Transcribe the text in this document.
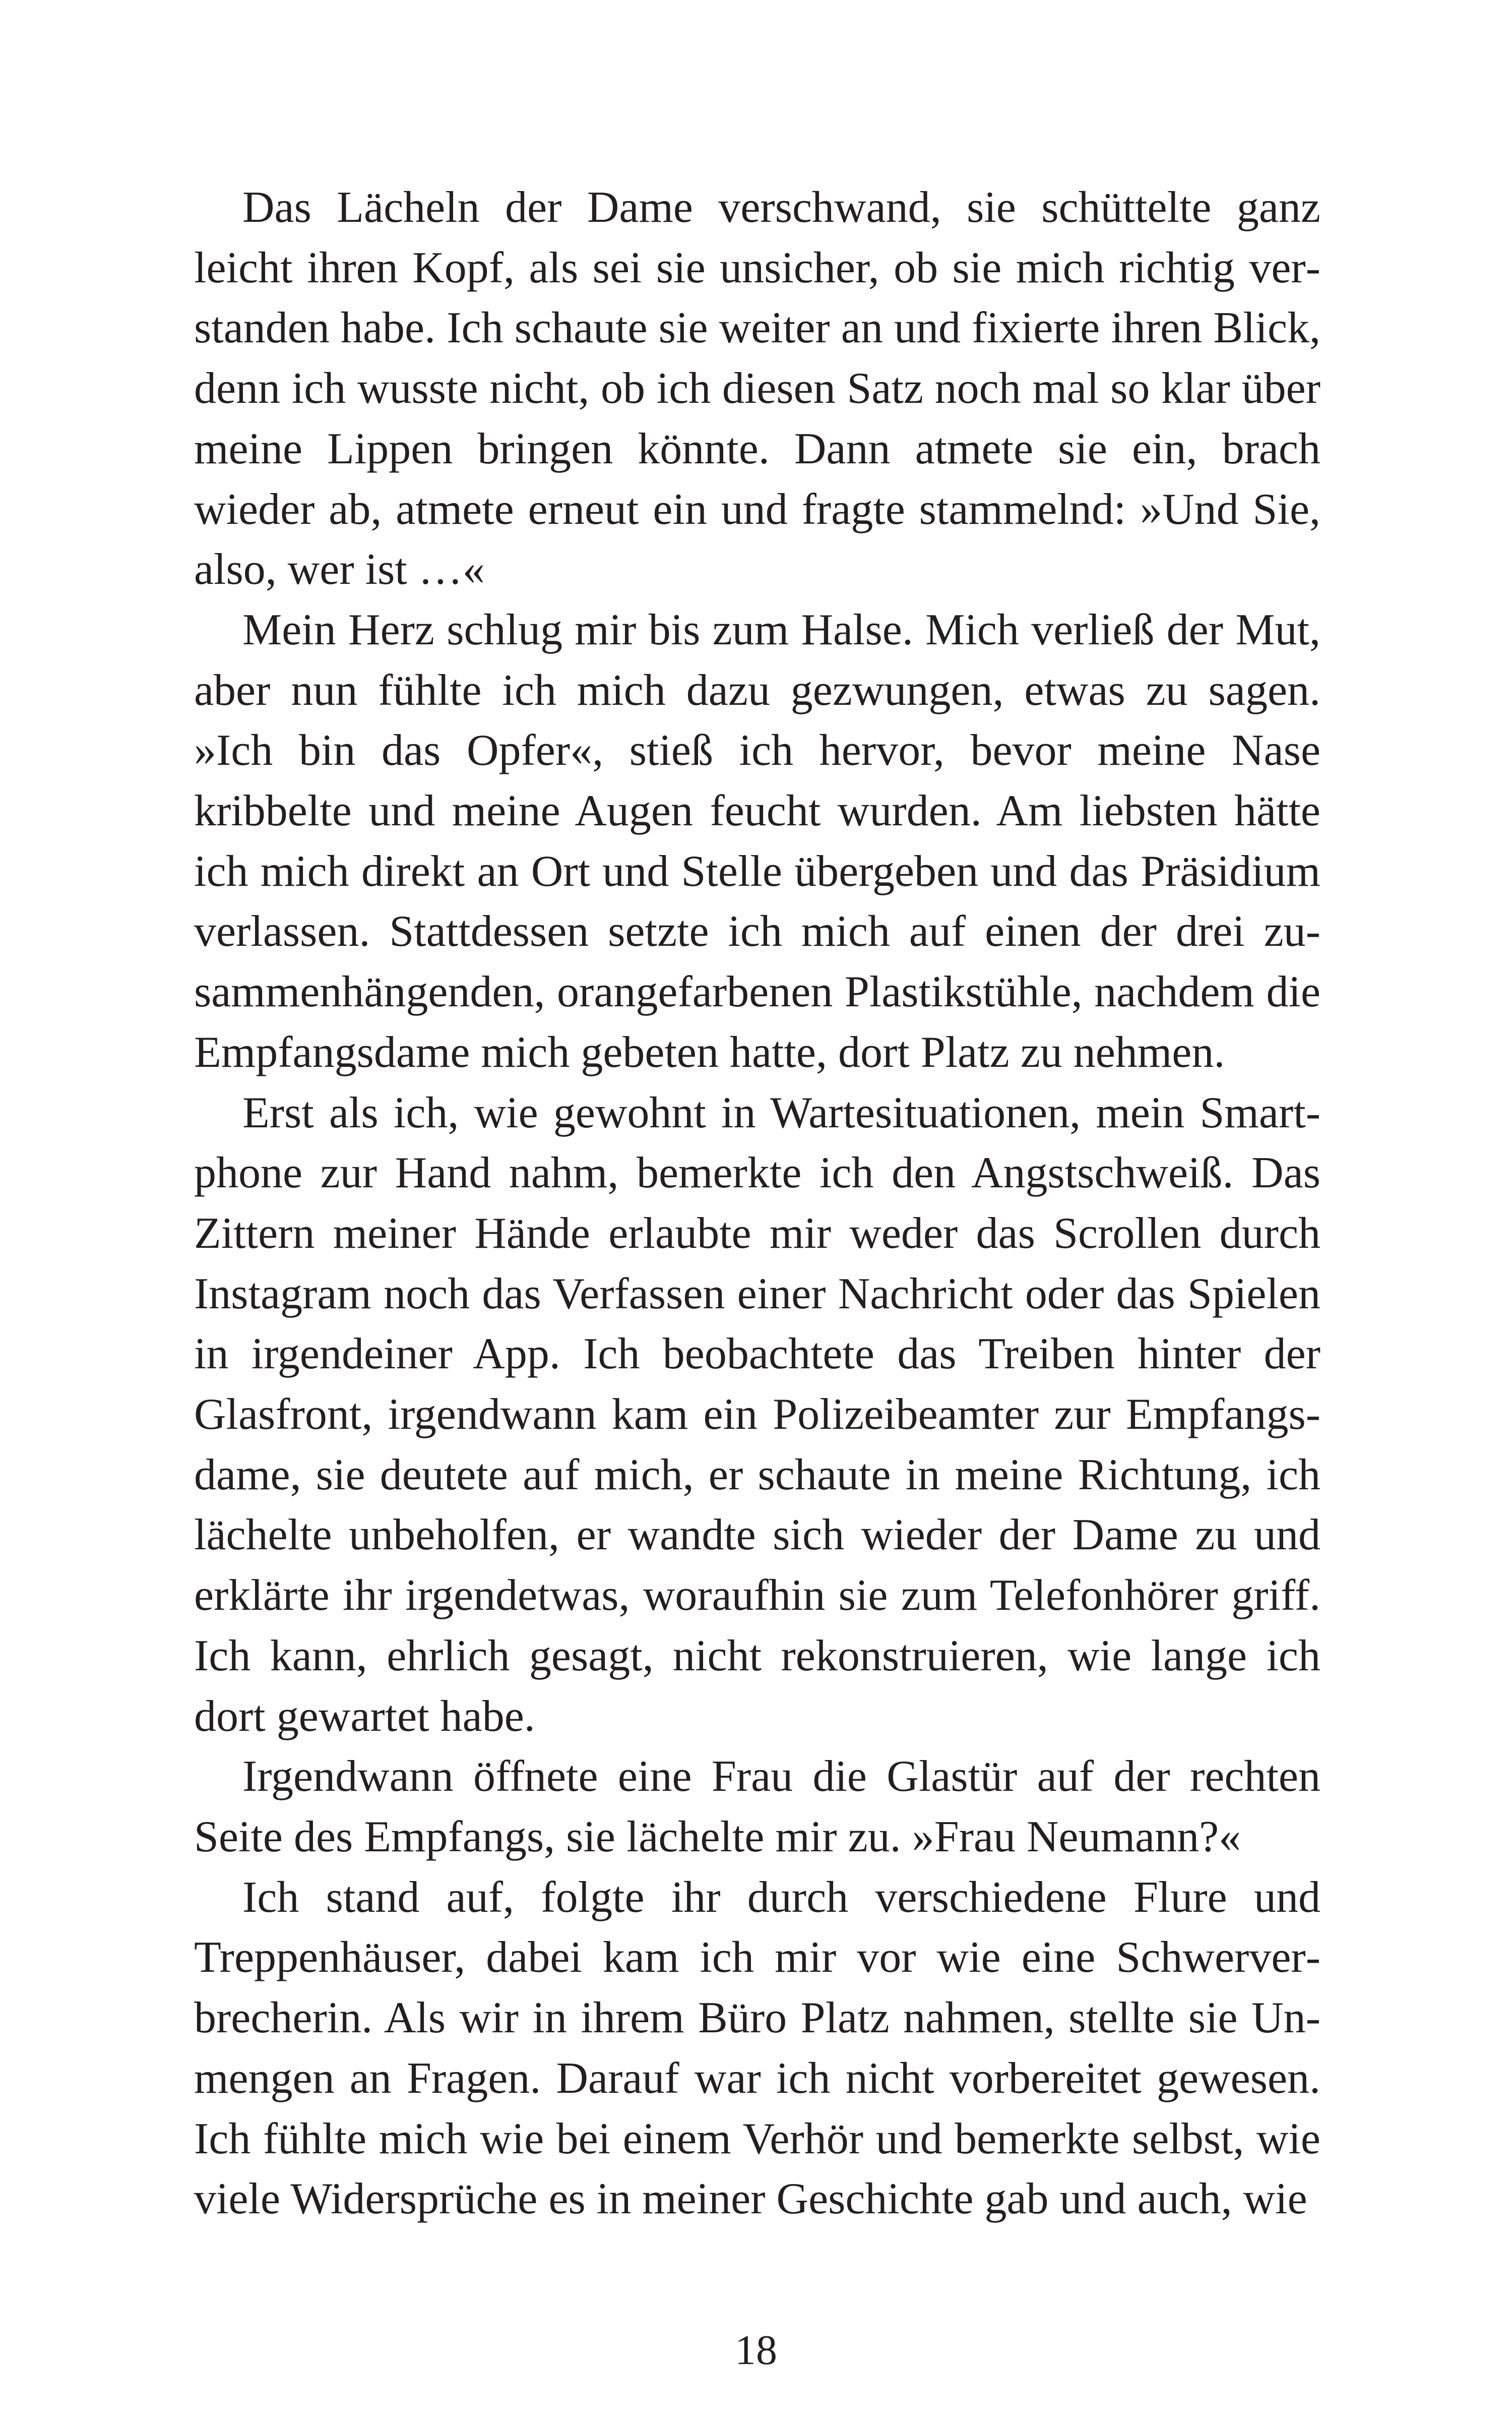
Das Lächeln der Dame verschwand, sie schüttelte ganz leicht ihren Kopf, als sei sie unsicher, ob sie mich richtig verstanden habe. Ich schaute sie weiter an und fixierte ihren Blick, denn ich wusste nicht, ob ich diesen Satz noch mal so klar über meine Lippen bringen könnte. Dann atmete sie ein, brach wieder ab, atmete erneut ein und fragte stammelnd: »Und Sie, also, wer ist …«

Mein Herz schlug mir bis zum Halse. Mich verließ der Mut, aber nun fühlte ich mich dazu gezwungen, etwas zu sagen. »Ich bin das Opfer«, stieß ich hervor, bevor meine Nase kribbelte und meine Augen feucht wurden. Am liebsten hätte ich mich direkt an Ort und Stelle übergeben und das Präsidium verlassen. Stattdessen setzte ich mich auf einen der drei zusammenhängenden, orangefarbenen Plastikstühle, nachdem die Empfangsdame mich gebeten hatte, dort Platz zu nehmen.

Erst als ich, wie gewohnt in Wartesituationen, mein Smartphone zur Hand nahm, bemerkte ich den Angstschweiß. Das Zittern meiner Hände erlaubte mir weder das Scrollen durch Instagram noch das Verfassen einer Nachricht oder das Spielen in irgendeiner App. Ich beobachtete das Treiben hinter der Glasfront, irgendwann kam ein Polizeibeamter zur Empfangsdame, sie deutete auf mich, er schaute in meine Richtung, ich lächelte unbeholfen, er wandte sich wieder der Dame zu und erklärte ihr irgendetwas, woraufhin sie zum Telefonhörer griff. Ich kann, ehrlich gesagt, nicht rekonstruieren, wie lange ich dort gewartet habe.

Irgendwann öffnete eine Frau die Glastür auf der rechten Seite des Empfangs, sie lächelte mir zu. »Frau Neumann?«

Ich stand auf, folgte ihr durch verschiedene Flure und Treppenhäuser, dabei kam ich mir vor wie eine Schwerverbrecherin. Als wir in ihrem Büro Platz nahmen, stellte sie Unmengen an Fragen. Darauf war ich nicht vorbereitet gewesen. Ich fühlte mich wie bei einem Verhör und bemerkte selbst, wie viele Widersprüche es in meiner Geschichte gab und auch, wie

18
